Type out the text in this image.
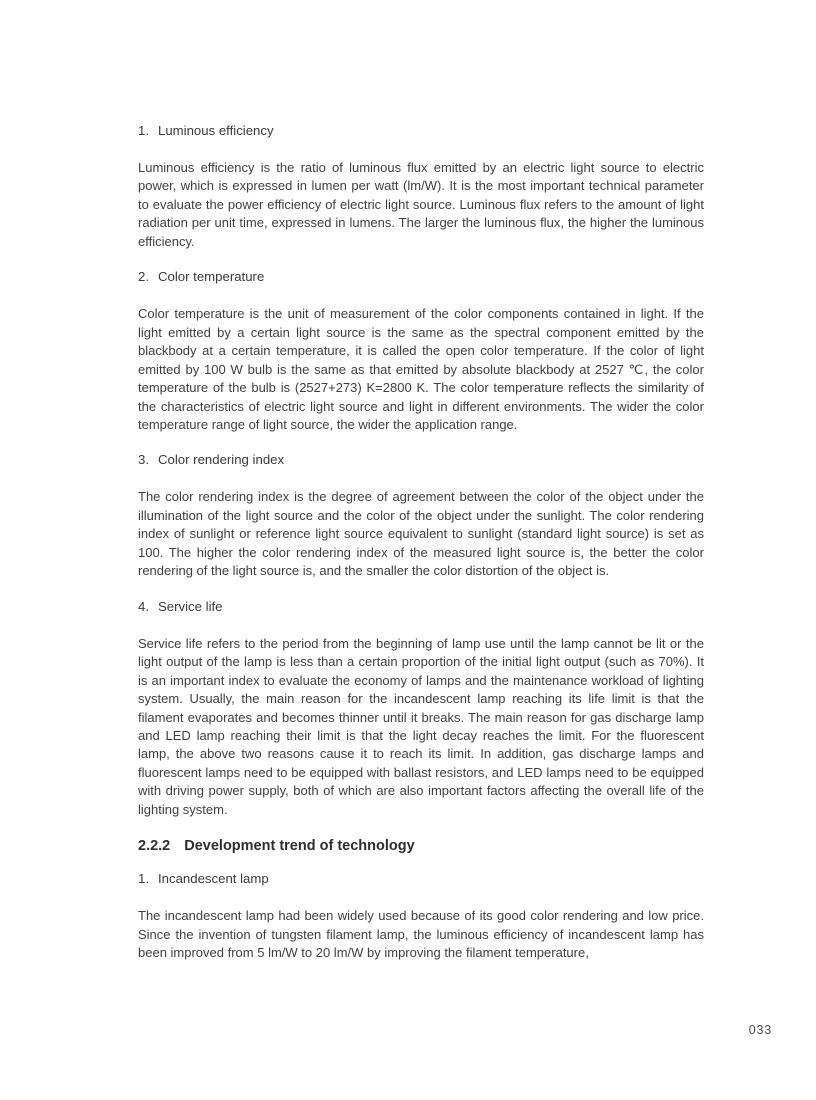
1. Luminous efficiency

Luminous efficiency is the ratio of luminous flux emitted by an electric light source to electric power, which is expressed in lumen per watt (lm/W). It is the most important technical parameter to evaluate the power efficiency of electric light source. Luminous flux refers to the amount of light radiation per unit time, expressed in lumens. The larger the luminous flux, the higher the luminous efficiency.

2. Color temperature

Color temperature is the unit of measurement of the color components contained in light. If the light emitted by a certain light source is the same as the spectral component emitted by the blackbody at a certain temperature, it is called the open color temperature. If the color of light emitted by 100 W bulb is the same as that emitted by absolute blackbody at 2527 ℃, the color temperature of the bulb is (2527+273) K=2800 K. The color temperature reflects the similarity of the characteristics of electric light source and light in different environments. The wider the color temperature range of light source, the wider the application range.

3. Color rendering index

The color rendering index is the degree of agreement between the color of the object under the illumination of the light source and the color of the object under the sunlight. The color rendering index of sunlight or reference light source equivalent to sunlight (standard light source) is set as 100. The higher the color rendering index of the measured light source is, the better the color rendering of the light source is, and the smaller the color distortion of the object is.

4. Service life

Service life refers to the period from the beginning of lamp use until the lamp cannot be lit or the light output of the lamp is less than a certain proportion of the initial light output (such as 70%). It is an important index to evaluate the economy of lamps and the maintenance workload of lighting system. Usually, the main reason for the incandescent lamp reaching its life limit is that the filament evaporates and becomes thinner until it breaks. The main reason for gas discharge lamp and LED lamp reaching their limit is that the light decay reaches the limit. For the fluorescent lamp, the above two reasons cause it to reach its limit. In addition, gas discharge lamps and fluorescent lamps need to be equipped with ballast resistors, and LED lamps need to be equipped with driving power supply, both of which are also important factors affecting the overall life of the lighting system.

2.2.2 Development trend of technology
1. Incandescent lamp

The incandescent lamp had been widely used because of its good color rendering and low price. Since the invention of tungsten filament lamp, the luminous efficiency of incandescent lamp has been improved from 5 lm/W to 20 lm/W by improving the filament temperature,

033
